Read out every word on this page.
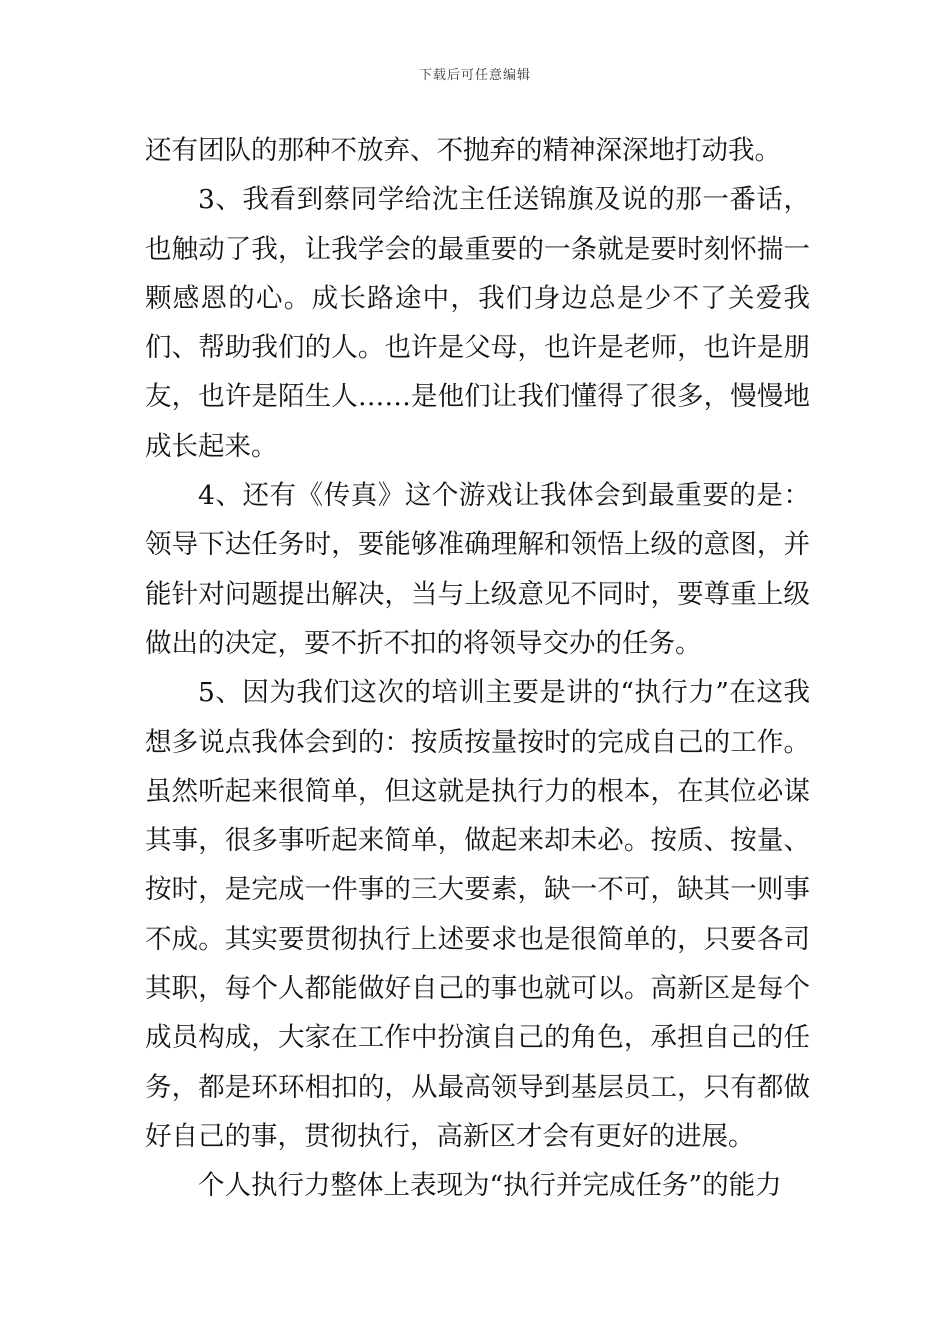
下载后可任意编辑

还有团队的那种不放弃、不抛弃的精神深深地打动我。

3、我看到蔡同学给沈主任送锦旗及说的那一番话，也触动了我，让我学会的最重要的一条就是要时刻怀揣一颗感恩的心。成长路途中，我们身边总是少不了关爱我们、帮助我们的人。也许是父母，也许是老师，也许是朋友，也许是陌生人……是他们让我们懂得了很多，慢慢地成长起来。

4、还有《传真》这个游戏让我体会到最重要的是：领导下达任务时，要能够准确理解和领悟上级的意图，并能针对问题提出解决，当与上级意见不同时，要尊重上级做出的决定，要不折不扣的将领导交办的任务。

5、因为我们这次的培训主要是讲的“执行力”在这我想多说点我体会到的：按质按量按时的完成自己的工作。虽然听起来很简单，但这就是执行力的根本，在其位必谋其事，很多事听起来简单，做起来却未必。按质、按量、按时，是完成一件事的三大要素，缺一不可，缺其一则事不成。其实要贯彻执行上述要求也是很简单的，只要各司其职，每个人都能做好自己的事也就可以。高新区是每个成员构成，大家在工作中扮演自己的角色，承担自己的任务，都是环环相扣的，从最高领导到基层员工，只有都做好自己的事，贯彻执行，高新区才会有更好的进展。

个人执行力整体上表现为“执行并完成任务”的能力
